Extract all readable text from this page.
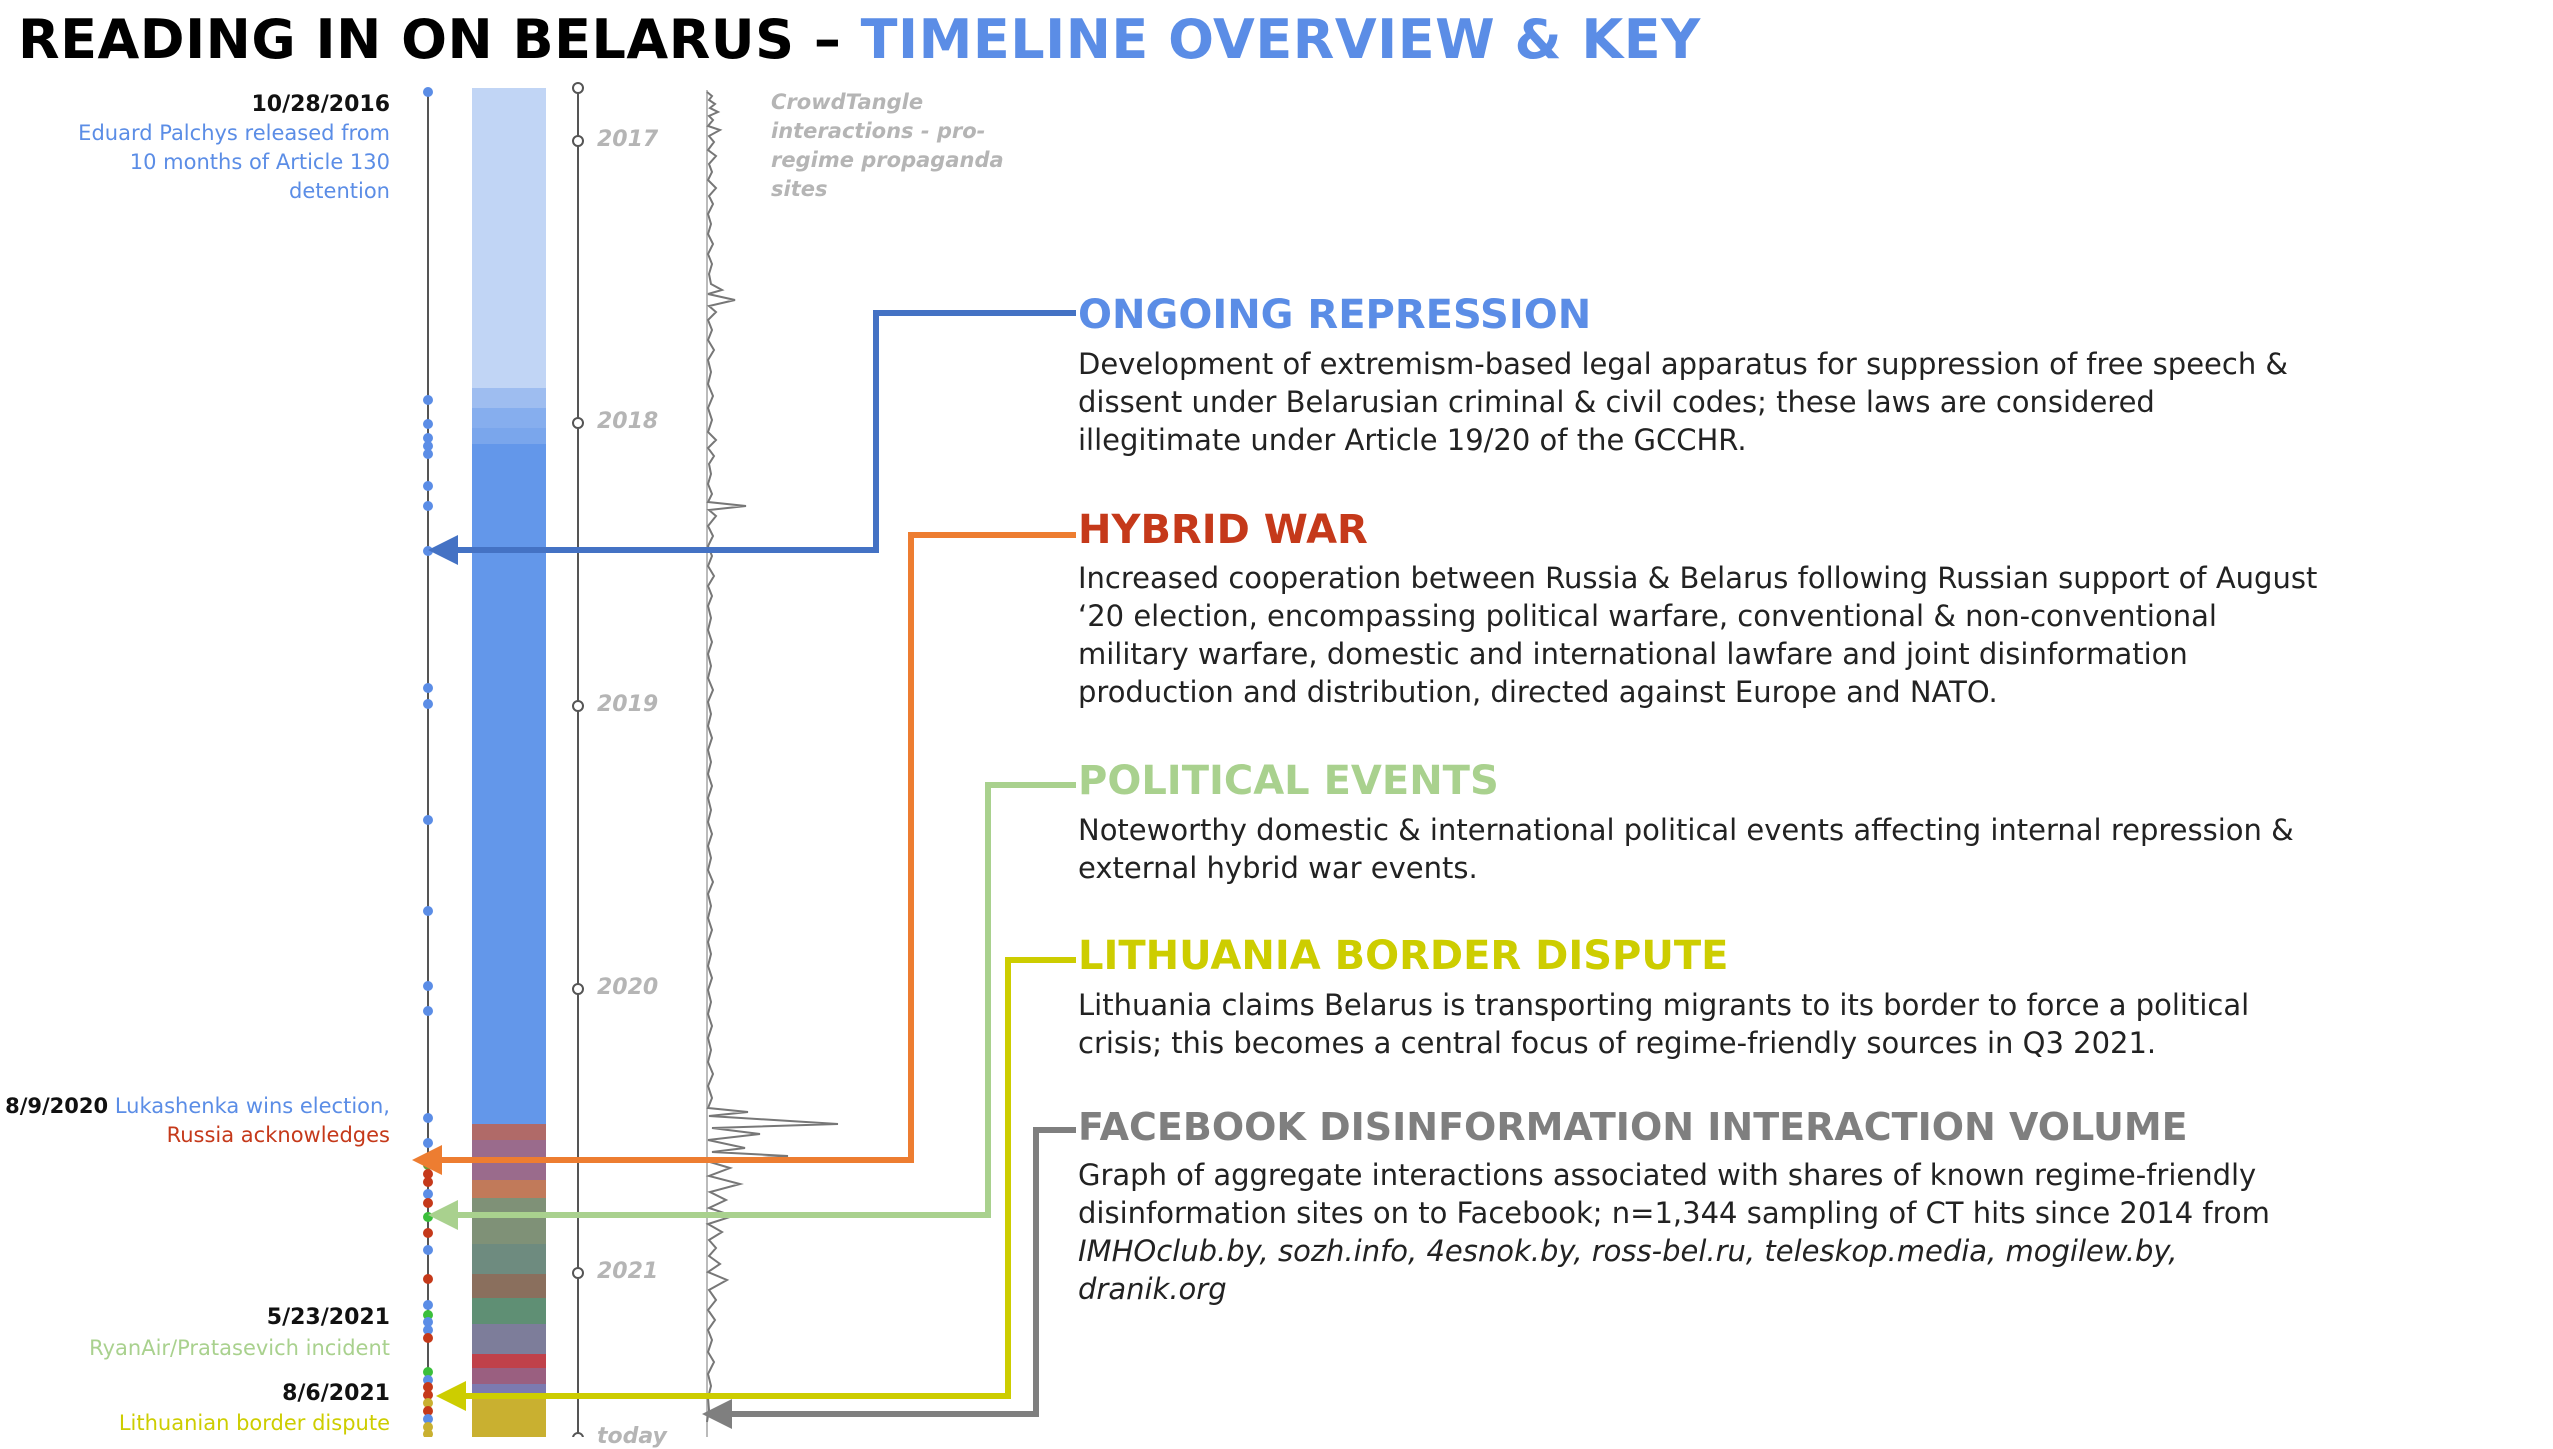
READING IN ON BELARUS – TIMELINE OVERVIEW & KEY
10/28/2016
Eduard Palchys released from 10 months of Article 130 detention
8/9/2020 Lukashenka wins election, Russia acknowledges
5/23/2021
RyanAir/Pratasevich incident
8/6/2021
Lithuanian border dispute
2017
2018
2019
2020
2021
today
CrowdTangle interactions - pro-regime propaganda sites
ONGOING REPRESSION
Development of extremism-based legal apparatus for suppression of free speech & dissent under Belarusian criminal & civil codes; these laws are considered illegitimate under Article 19/20 of the GCCHR.
HYBRID WAR
Increased cooperation between Russia & Belarus following Russian support of August ‘20 election, encompassing political warfare, conventional & non-conventional military warfare, domestic and international lawfare and joint disinformation production and distribution, directed against Europe and NATO.
POLITICAL EVENTS
Noteworthy domestic & international political events affecting internal repression & external hybrid war events.
LITHUANIA BORDER DISPUTE
Lithuania claims Belarus is transporting migrants to its border to force a political crisis; this becomes a central focus of regime-friendly sources in Q3 2021.
FACEBOOK DISINFORMATION INTERACTION VOLUME
Graph of aggregate interactions associated with shares of known regime-friendly disinformation sites on to Facebook; n=1,344 sampling of CT hits since 2014 from IMHOclub.by, sozh.info, 4esnok.by, ross-bel.ru, teleskop.media, mogilew.by, dranik.org
